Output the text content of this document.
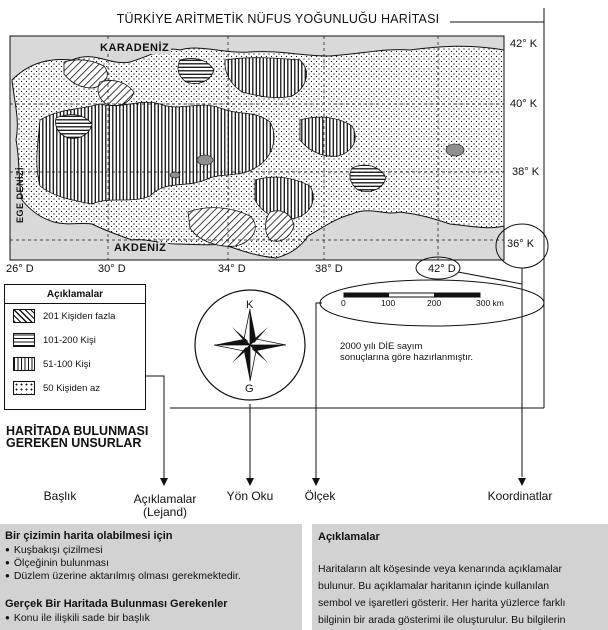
TÜRKİYE ARİTMETİK NÜFUS YOĞUNLUĞU HARİTASI
KARADENİZ
AKDENİZ
EGE DENİZİ
42° K
40° K
38° K
36° K
26° D	30° D	34° D	38° D	42° D
Açıklamalar
201 Kişiden fazla
101-200 Kişi
51-100 Kişi
50 Kişiden az
K
G
0	100	200	300 km
2000 yılı DİE sayım
sonuçlarına göre hazırlanmıştır.
HARİTADA BULUNMASI
GEREKEN UNSURLAR
Başlık	Açıklamalar
(Lejand)
Yön Oku	Ölçek	Koordinatlar
Bir çizimin harita olabilmesi için
● Kuşbakışı çizilmesi
● Ölçeğinin bulunması
● Düzlem üzerine aktarılmış olması gerekmektedir.
Gerçek Bir Haritada Bulunması Gerekenler
● Konu ile ilişkili sade bir başlık
Açıklamalar
Haritaların alt köşesinde veya kenarında açıklamalar
bulunur. Bu açıklamalar haritanın içinde kullanılan
sembol ve işaretleri gösterir. Her harita yüzlerce farklı
bilginin bir arada gösterimi ile oluşturulur. Bu bilgilerin
